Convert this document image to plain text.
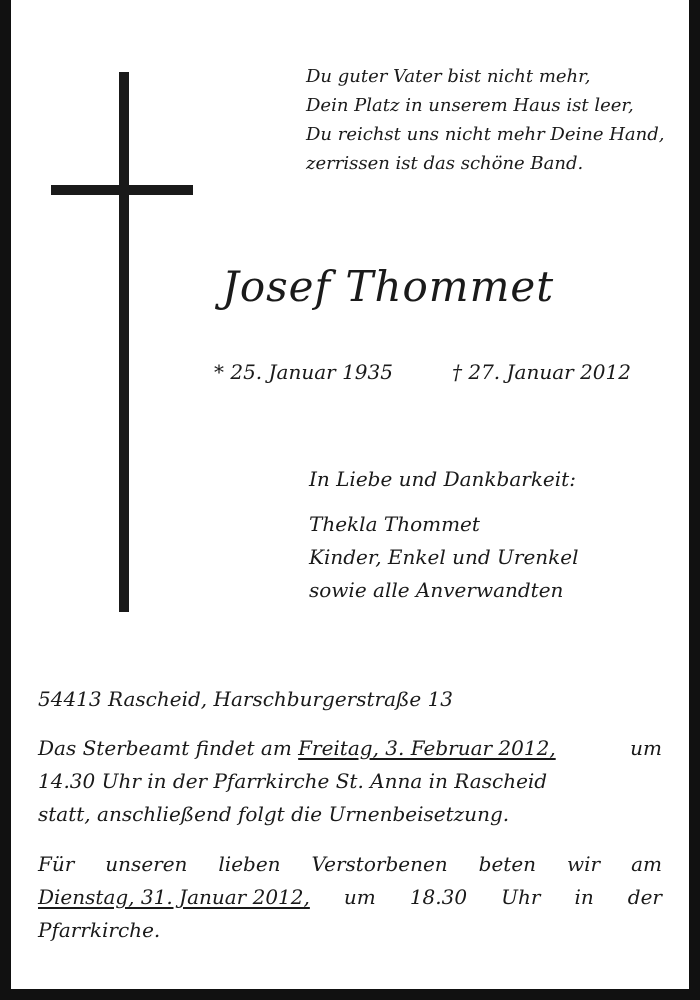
Du guter Vater bist nicht mehr,
Dein Platz in unserem Haus ist leer,
Du reichst uns nicht mehr Deine Hand,
zerrissen ist das schöne Band.
Josef Thommet
* 25. Januar 1935	† 27. Januar 2012
In Liebe und Dankbarkeit:
Thekla Thommet
Kinder, Enkel und Urenkel
sowie alle Anverwandten
54413 Rascheid, Harschburgerstraße 13
Das Sterbeamt findet am Freitag, 3. Februar 2012,	um
14.30 Uhr in der Pfarrkirche St. Anna in Rascheid
statt, anschließend folgt die Urnenbeisetzung.
Für unseren lieben Verstorbenen beten wir am
Dienstag, 31. Januar 2012, um 18.30 Uhr in der
Pfarrkirche.
